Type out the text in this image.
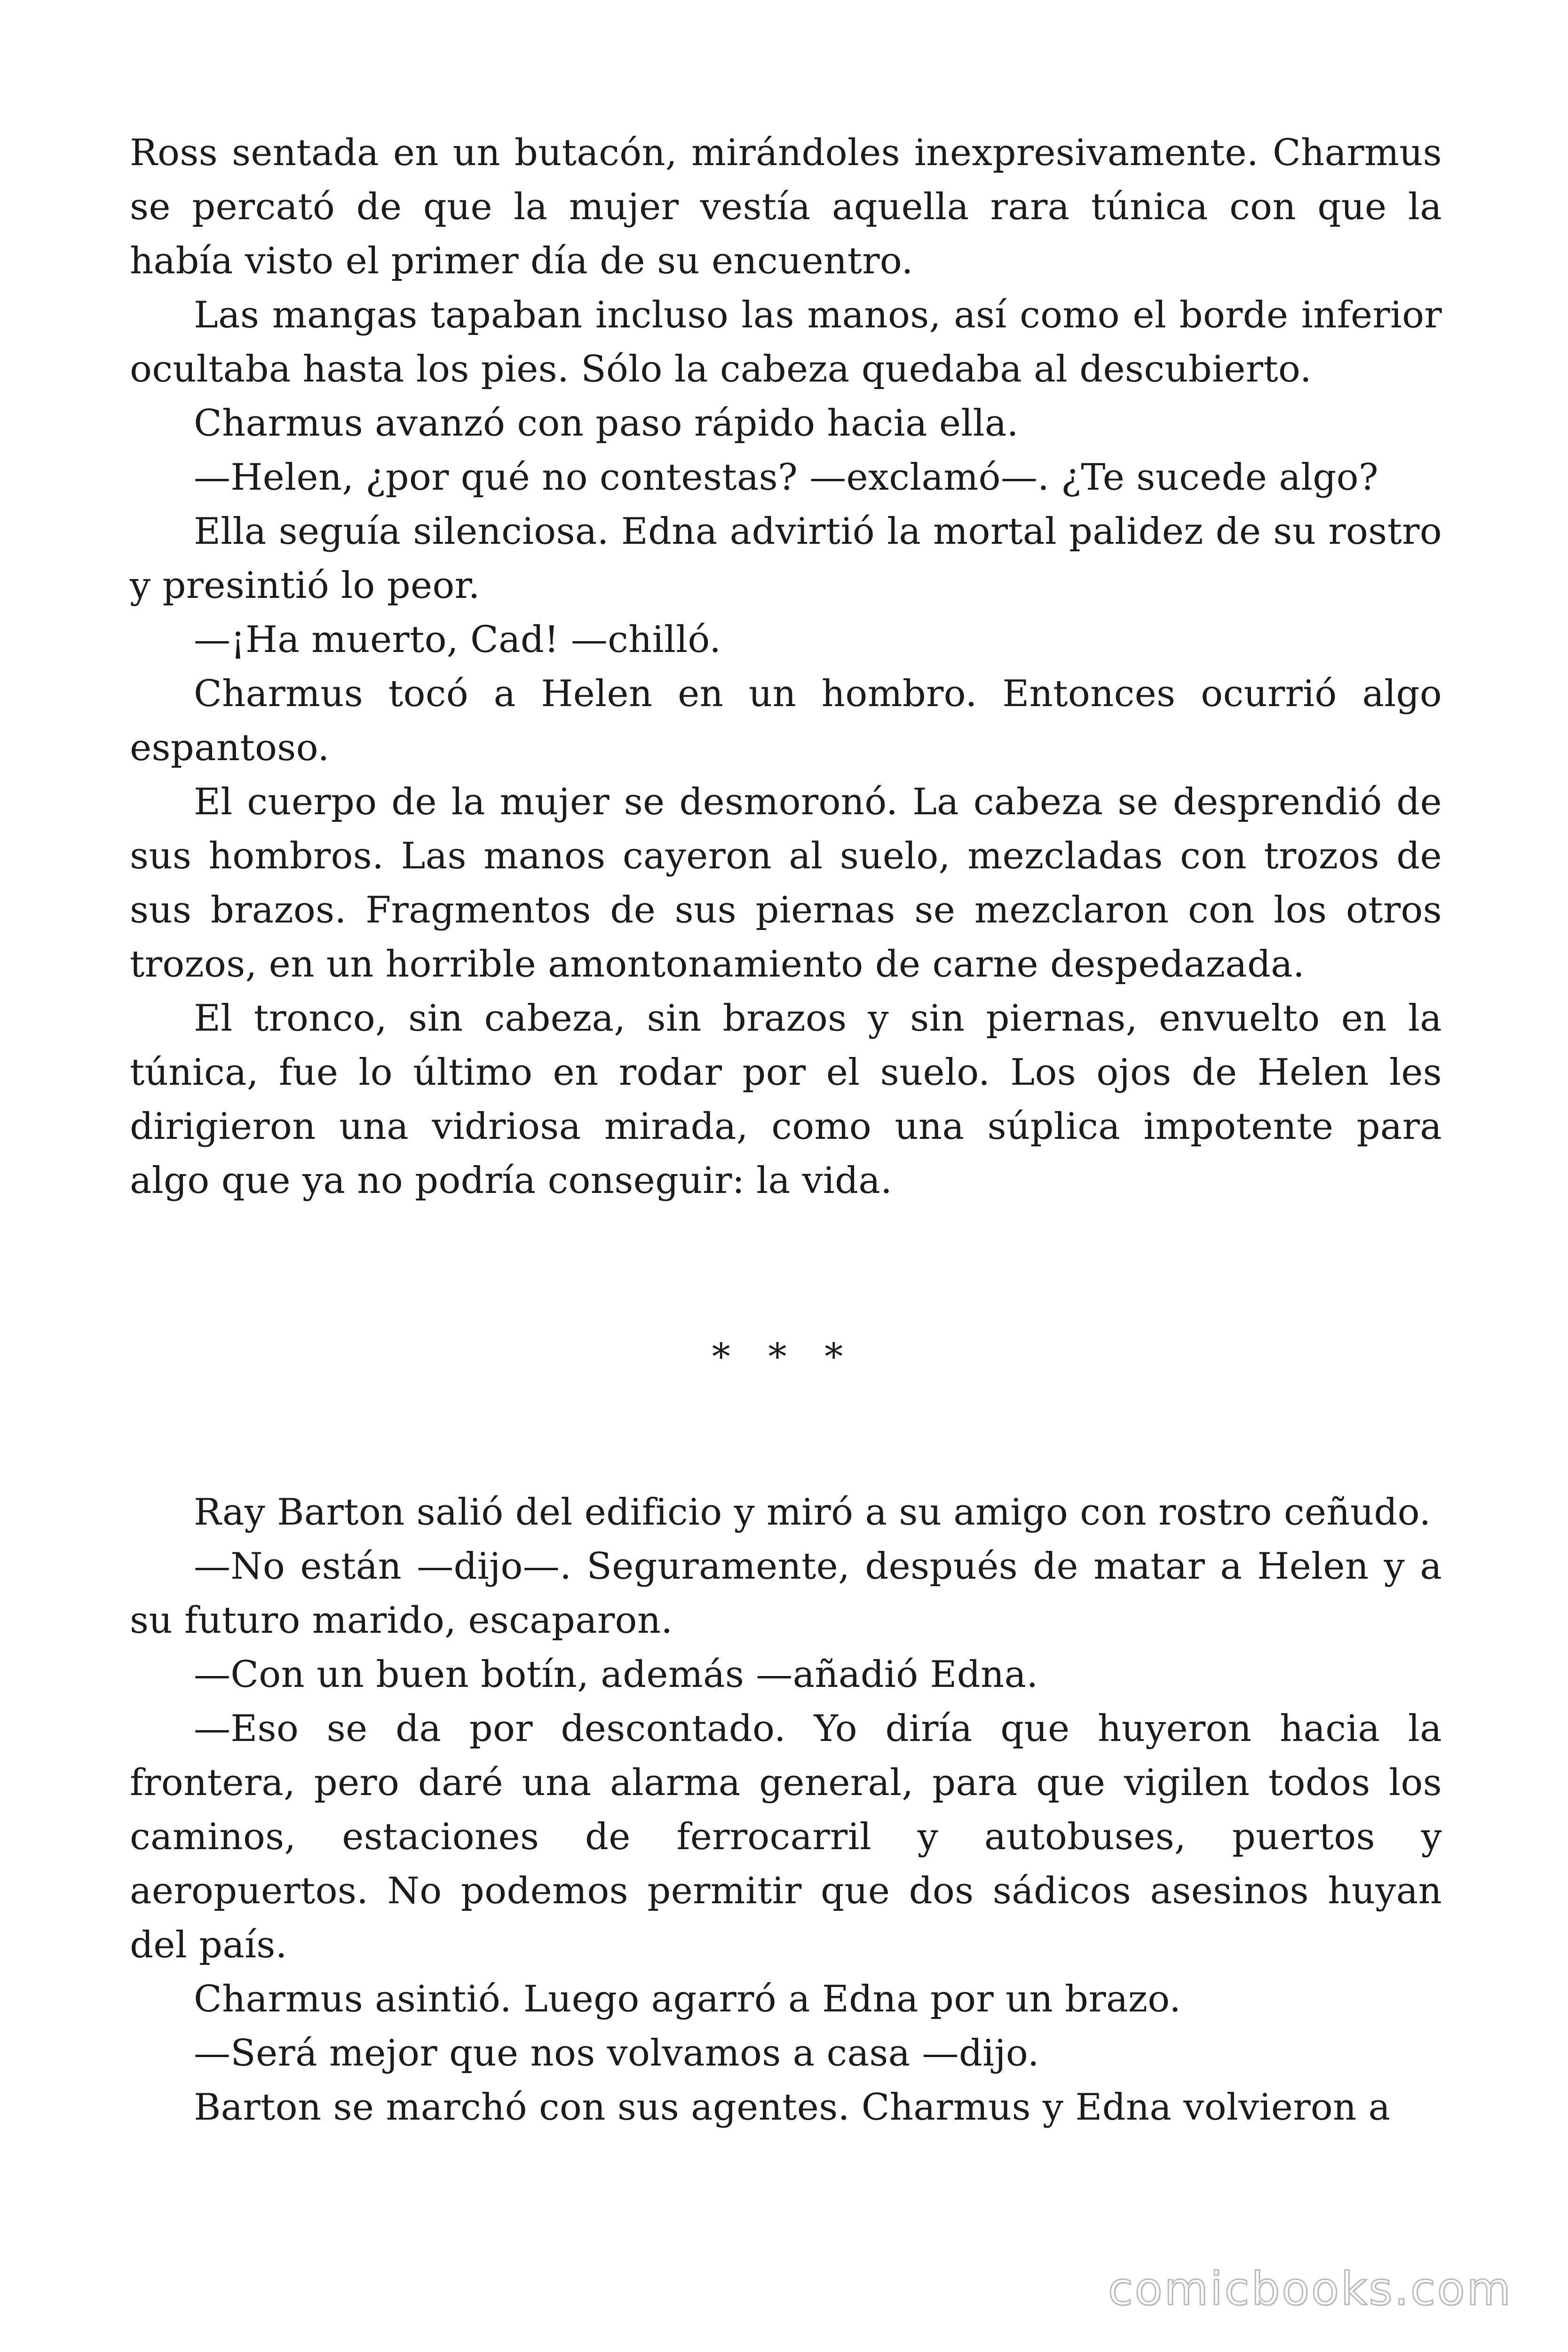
Ross sentada en un butacón, mirándoles inexpresivamente. Charmus se percató de que la mujer vestía aquella rara túnica con que la había visto el primer día de su encuentro.

Las mangas tapaban incluso las manos, así como el borde inferior ocultaba hasta los pies. Sólo la cabeza quedaba al descubierto.

Charmus avanzó con paso rápido hacia ella.

—Helen, ¿por qué no contestas? —exclamó—. ¿Te sucede algo?

Ella seguía silenciosa. Edna advirtió la mortal palidez de su rostro y presintió lo peor.

—¡Ha muerto, Cad! —chilló.

Charmus tocó a Helen en un hombro. Entonces ocurrió algo espantoso.

El cuerpo de la mujer se desmoronó. La cabeza se desprendió de sus hombros. Las manos cayeron al suelo, mezcladas con trozos de sus brazos. Fragmentos de sus piernas se mezclaron con los otros trozos, en un horrible amontonamiento de carne despedazada.

El tronco, sin cabeza, sin brazos y sin piernas, envuelto en la túnica, fue lo último en rodar por el suelo. Los ojos de Helen les dirigieron una vidriosa mirada, como una súplica impotente para algo que ya no podría conseguir: la vida.

* * *

Ray Barton salió del edificio y miró a su amigo con rostro ceñudo.

—No están —dijo—. Seguramente, después de matar a Helen y a su futuro marido, escaparon.

—Con un buen botín, además —añadió Edna.

—Eso se da por descontado. Yo diría que huyeron hacia la frontera, pero daré una alarma general, para que vigilen todos los caminos, estaciones de ferrocarril y autobuses, puertos y aeropuertos. No podemos permitir que dos sádicos asesinos huyan del país.

Charmus asintió. Luego agarró a Edna por un brazo.

—Será mejor que nos volvamos a casa —dijo.

Barton se marchó con sus agentes. Charmus y Edna volvieron a

comicbooks.com
